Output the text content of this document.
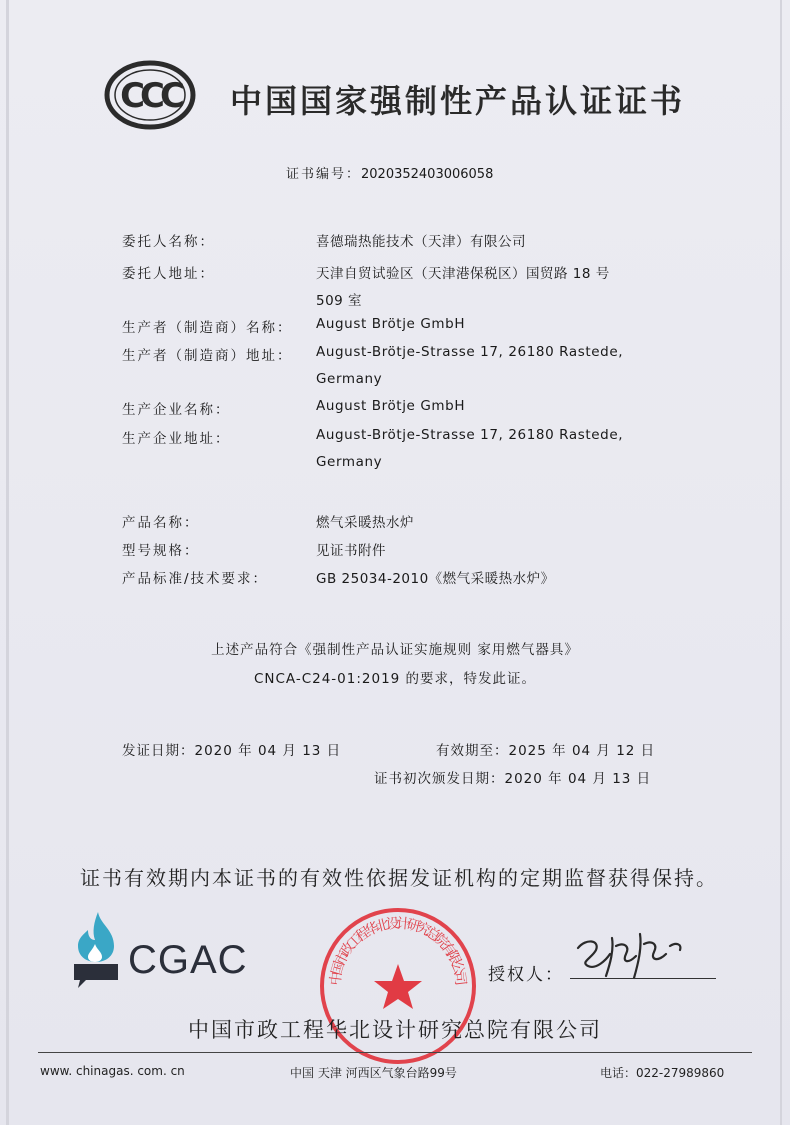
CCC 中国国家强制性产品认证证书
证书编号：2020352403006058
委托人名称：	喜德瑞热能技术（天津）有限公司
委托人地址：	天津自贸试验区（天津港保税区）国贸路 18 号
509 室
生产者（制造商）名称： August Brötje GmbH
生产者（制造商）地址： August-Brötje-Strasse 17, 26180 Rastede,
Germany
生产企业名称：	August Brötje GmbH
生产企业地址：	August-Brötje-Strasse 17, 26180 Rastede,
Germany
产品名称：	燃气采暖热水炉
型号规格：	见证书附件
产品标准/技术要求：	GB 25034-2010《燃气采暖热水炉》
上述产品符合《强制性产品认证实施规则 家用燃气器具》
CNCA-C24-01:2019 的要求，特发此证。
发证日期：2020 年 04 月 13 日	有效期至：2025 年 04 月 12 日
证书初次颁发日期：2020 年 04 月 13 日
证书有效期内本证书的有效性依据发证机构的定期监督获得保持。
CGAC	中国市政工程华北设计研究总院有限公司 授权人：
中国市政工程华北设计研究总院有限公司
www. chinagas. com. cn	中国 天津 河西区气象台路99号	电话：022-27989860
